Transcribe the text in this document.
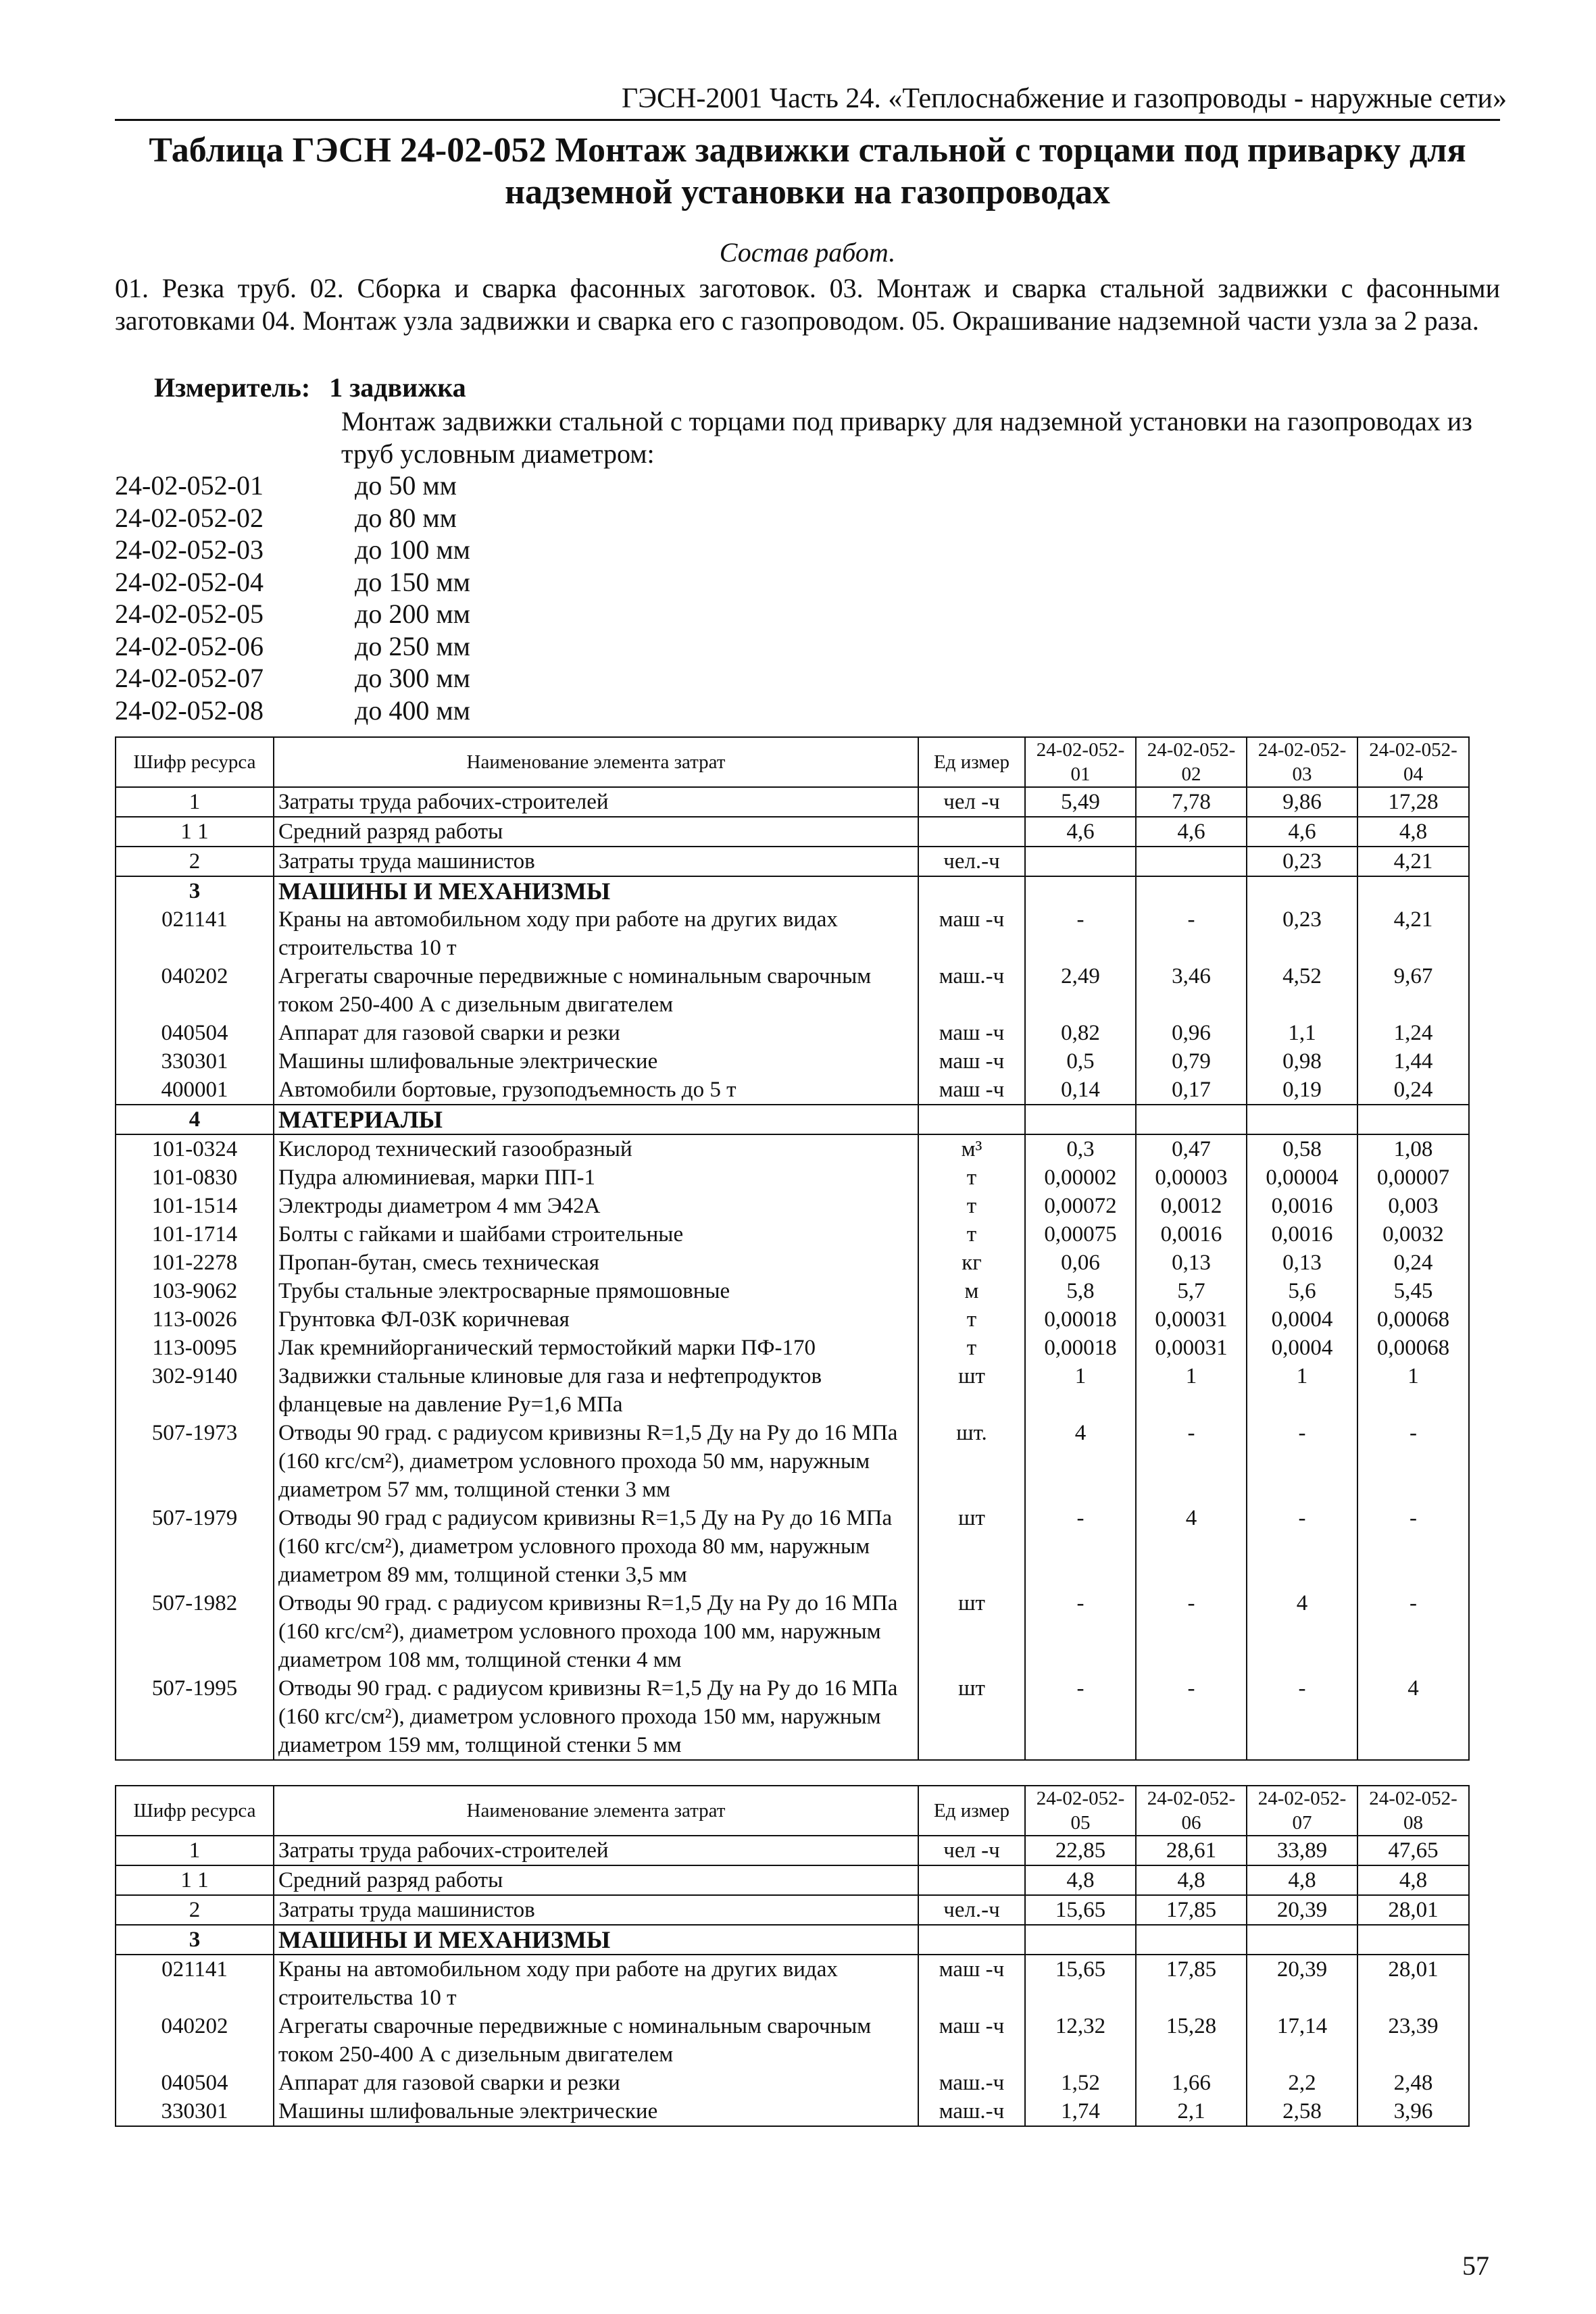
ГЭСН-2001 Часть 24. «Теплоснабжение и газопроводы - наружные сети»
Таблица ГЭСН 24-02-052 Монтаж задвижки стальной с торцами под приварку для надземной установки на газопроводах
Состав работ.
01. Резка труб. 02. Сборка и сварка фасонных заготовок. 03. Монтаж и сварка стальной задвижки с фасонными заготовками 04. Монтаж узла задвижки и сварка его с газопроводом. 05. Окрашивание надземной части узла за 2 раза.
Измеритель: 1 задвижка
Монтаж задвижки стальной с торцами под приварку для надземной установки на газопроводах из труб условным диаметром:
24-02-052-01	до 50 мм
24-02-052-02	до 80 мм
24-02-052-03	до 100 мм
24-02-052-04	до 150 мм
24-02-052-05	до 200 мм
24-02-052-06	до 250 мм
24-02-052-07	до 300 мм
24-02-052-08	до 400 мм
Шифр ресурса	Наименование элемента затрат	Ед измер	24-02-052-01	24-02-052-02	24-02-052-03	24-02-052-04
1	Затраты труда рабочих-строителей	чел -ч	5,49	7,78	9,86	17,28
1 1	Средний разряд работы		4,6	4,6	4,6	4,8
2	Затраты труда машинистов	чел.-ч			0,23	4,21
3	МАШИНЫ И МЕХАНИЗМЫ					
021141	Краны на автомобильном ходу при работе на других видах строительства 10 т	маш -ч	-	-	0,23	4,21
040202	Агрегаты сварочные передвижные с номинальным сварочным током 250-400 А с дизельным двигателем	маш.-ч	2,49	3,46	4,52	9,67
040504	Аппарат для газовой сварки и резки	маш -ч	0,82	0,96	1,1	1,24
330301	Машины шлифовальные электрические	маш -ч	0,5	0,79	0,98	1,44
400001	Автомобили бортовые, грузоподъемность до 5 т	маш -ч	0,14	0,17	0,19	0,24
4	МАТЕРИАЛЫ					
101-0324	Кислород технический газообразный	м³	0,3	0,47	0,58	1,08
101-0830	Пудра алюминиевая, марки ПП-1	т	0,00002	0,00003	0,00004	0,00007
101-1514	Электроды диаметром 4 мм Э42А	т	0,00072	0,0012	0,0016	0,003
101-1714	Болты с гайками и шайбами строительные	т	0,00075	0,0016	0,0016	0,0032
101-2278	Пропан-бутан, смесь техническая	кг	0,06	0,13	0,13	0,24
103-9062	Трубы стальные электросварные прямошовные	м	5,8	5,7	5,6	5,45
113-0026	Грунтовка ФЛ-03К коричневая	т	0,00018	0,00031	0,0004	0,00068
113-0095	Лак кремнийорганический термостойкий марки ПФ-170	т	0,00018	0,00031	0,0004	0,00068
302-9140	Задвижки стальные клиновые для газа и нефтепродуктов фланцевые на давление Ру=1,6 МПа	шт	1	1	1	1
507-1973	Отводы 90 град. с радиусом кривизны R=1,5 Ду на Ру до 16 МПа (160 кгс/см²), диаметром условного прохода 50 мм, наружным диаметром 57 мм, толщиной стенки 3 мм	шт.	4	-	-	-
507-1979	Отводы 90 град с радиусом кривизны R=1,5 Ду на Ру до 16 МПа (160 кгс/см²), диаметром условного прохода 80 мм, наружным диаметром 89 мм, толщиной стенки 3,5 мм	шт	-	4	-	-
507-1982	Отводы 90 град. с радиусом кривизны R=1,5 Ду на Ру до 16 МПа (160 кгс/см²), диаметром условного прохода 100 мм, наружным диаметром 108 мм, толщиной стенки 4 мм	шт	-	-	4	-
507-1995	Отводы 90 град. с радиусом кривизны R=1,5 Ду на Ру до 16 МПа (160 кгс/см²), диаметром условного прохода 150 мм, наружным диаметром 159 мм, толщиной стенки 5 мм	шт	-	-	-	4
Шифр ресурса	Наименование элемента затрат	Ед измер	24-02-052-05	24-02-052-06	24-02-052-07	24-02-052-08
1	Затраты труда рабочих-строителей	чел -ч	22,85	28,61	33,89	47,65
1 1	Средний разряд работы		4,8	4,8	4,8	4,8
2	Затраты труда машинистов	чел.-ч	15,65	17,85	20,39	28,01
3	МАШИНЫ И МЕХАНИЗМЫ					
021141	Краны на автомобильном ходу при работе на других видах строительства 10 т	маш -ч	15,65	17,85	20,39	28,01
040202	Агрегаты сварочные передвижные с номинальным сварочным током 250-400 А с дизельным двигателем	маш -ч	12,32	15,28	17,14	23,39
040504	Аппарат для газовой сварки и резки	маш.-ч	1,52	1,66	2,2	2,48
330301	Машины шлифовальные электрические	маш.-ч	1,74	2,1	2,58	3,96
57
